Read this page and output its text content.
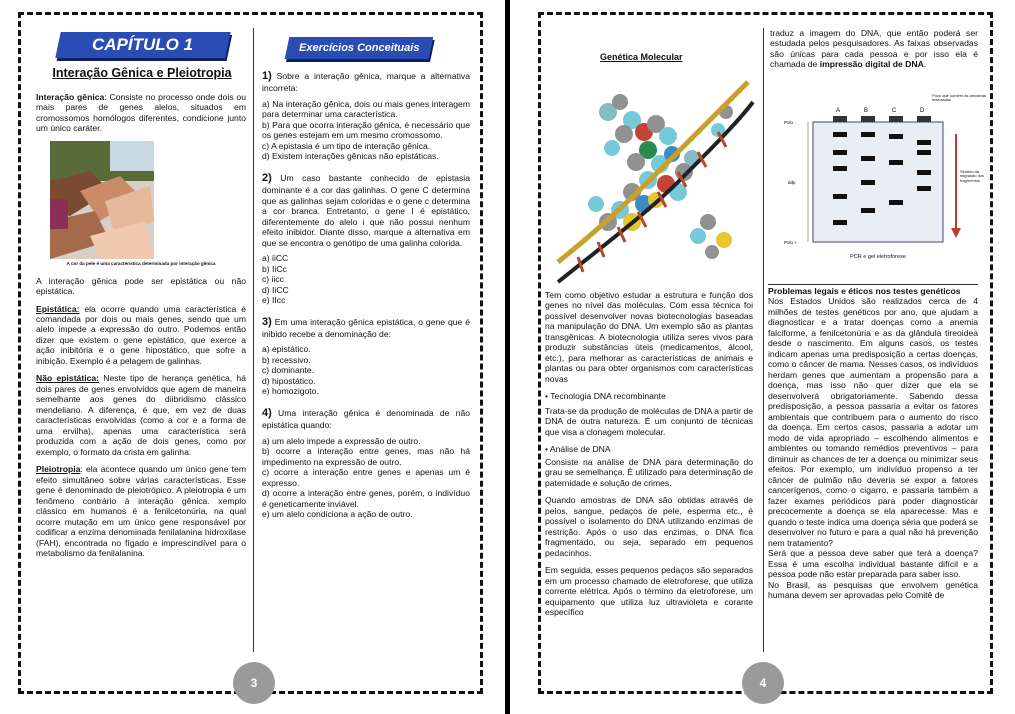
CAPÍTULO 1
Interação Gênica e Pleiotropia

Interação gênica: Consiste no processo onde dois ou mais pares de genes alelos, situados em cromossomos homólogos diferentes, condicione junto um único caráter.

A cor da pele é uma característica determinada por interação gênica

A interação gênica pode ser epistática ou não epistática.

Epistática: ela ocorre quando uma característica é comandada por dois ou mais genes, sendo que um alelo impede a expressão do outro. Podemos então dizer que existem o gene epistático, que exerce a ação inibitória e o gene hipostático, que sofre a inibição. Exemplo é a pelagem de galinhas.

Não epistática: Neste tipo de herança genética, há dois pares de genes envolvidos que agem de maneira semelhante aos genes do diibridismo clássico mendeliano. A diferença, é que, em vez de duas características envolvidas (como a cor e a forma de uma ervilha), apenas uma característica será produzida com a ação de dois genes, como por exemplo, o formato da crista em galinha.

Pleiotropia: ela acontece quando um único gene tem efeito simultâneo sobre várias características. Esse gene é denominado de pleiotrópico. A pleiotropia é um fenômeno contrário à interação gênica. xemplo clássico em humanos é a fenilcetonúria, na qual ocorre mutação em um único gene responsável por codificar a enzima denominada fenilalanina hidroxilase (FAH), encontrada no fígado e imprescindível para o metabolismo da fenilalanina.

Exercícios Conceituais

1) Sobre a interação gênica, marque a alternativa incorreta:

a) Na interação gênica, dois ou mais genes interagem para determinar uma característica.
b) Para que ocorra interação gênica, é necessário que os genes estejam em um mesmo cromossomo.
c) A epistasia é um tipo de interação gênica.
d) Existem interações gênicas não epistáticas.

2) Um caso bastante conhecido de epistasia dominante é a cor das galinhas. O gene C determina que as galinhas sejam coloridas e o gene c determina a cor branca. Entretanto, o gene I é epistático, diferentemente do alelo i que não possui nenhum efeito inibidor. Diante disso, marque a alternativa em que se encontra o genótipo de uma galinha colorida.

a) iiCC
b) IiCc
c) iicc
d) IiCC
e) IIcc

3) Em uma interação gênica epistática, o gene que é inibido recebe a denominação de:

a) epistático.
b) recessivo.
c) dominante.
d) hipostático.
e) homozigoto.

4) Uma interação gênica é denominada de não epistática quando:

a) um alelo impede a expressão de outro.
b) ocorre a interação entre genes, mas não há impedimento na expressão de outro.
c) ocorre a interação entre genes e apenas um é expresso.
d) ocorre a interação entre genes, porém, o indivíduo é geneticamente inviável.
e) um alelo condiciona a ação de outro.
3
Genética Molecular

Tem como objetivo estudar a estrutura e função dos genes no nível das moléculas. Com essa técnica foi possível desenvolver novas biotecnologias baseadas na manipulação do DNA. Um exemplo são as plantas transgênicas. A biotecnologia utiliza seres vivos para produzir substâncias úteis (medicamentos, álcool, etc.), para melhorar as características de animais e plantas ou para obter organismos com características novas

• Tecnologia DNA recombinante

Trata-se da produção de moléculas de DNA a partir de DNA de outra natureza. É um conjunto de técnicas que visa a clonagem molecular.

• Análise de DNA

Consiste na análise de DNA para determinação do grau se semelhança. É utilizado para determinação de paternidade e solução de crimes.

Quando amostras de DNA são obtidas através de pelos, sangue, pedaços de pele, esperma etc., é possível o isolamento do DNA utilizando enzimas de restrição. Após o uso das enzimas, o DNA fica fragmentado, ou seja, separado em pequenos pedacinhos.

Em seguida, esses pequenos pedaços são separados em um processo chamado de eletroforese, que utiliza corrente elétrica. Após o término da eletroforese, um equipamento que utiliza luz ultravioleta e corante específico

traduz a imagem do DNA, que então poderá ser estudada pelos pesquisadores. As faixas observadas são únicas para cada pessoa e por isso ela é chamada de impressão digital de DNA.

A	B	C	D
Polo -
ddp
Polo +
Poço que contém as amostras maturadas
Sentido da migração dos fragmentos
PCR e gel eletroforese

Problemas legais e éticos nos testes genéticos

Nos Estados Unidos são realizados cerca de 4 milhões de testes genéticos por ano, que ajudam a diagnosticar e a tratar doenças como a anemia falciforme, a fenilcetonúria e as da glândula tireoidea desde o nascimento. Em alguns casos, os testes indicam apenas uma predisposição a certas doenças, como o câncer de mama. Nesses casos, os indivíduos herdam genes que aumentam a propensão para a doença, mas isso não quer dizer que ela se desenvolverá obrigatoriamente. Sabendo dessa predisposição, a pessoa passaria a evitar os fatores ambientais que contribuem para o aumento do risco da doença. Em certos casos, passaria a adotar um modo de vida apropriado – escolhendo alimentos e ambientes ou tomando remédios preventivos – para diminuir as chances de ter a doença ou minimizar seus efeitos. Por exemplo, um indivíduo propenso a ter câncer de pulmão não deveria se expor a fatores cancerígenos, como o cigarro, e passaria também a fazer exames periódicos para poder diagnosticar precocemente a doença se ela aparecesse. Mas e quando o teste indica uma doença séria que poderá se desenvolver no futuro e para a qual não há prevenção nem tratamento?

Será que a pessoa deve saber que terá a doença? Essa é uma escolha individual bastante difícil e a pessoa pode não estar preparada para saber isso.

No Brasil, as pesquisas que envolvem genética humana devem ser aprovadas pelo Comitê de

4
